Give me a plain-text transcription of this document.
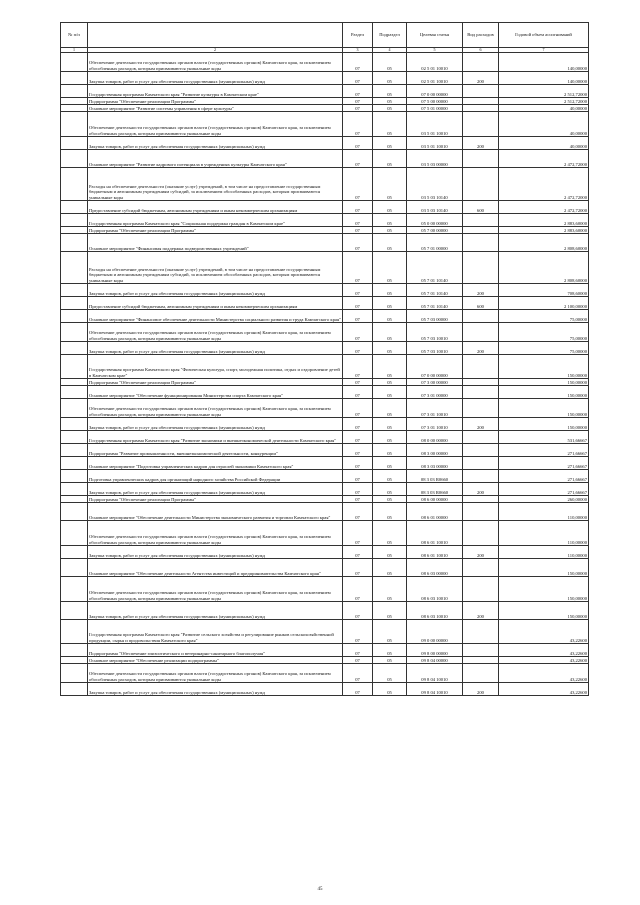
№ п/п		Раздел	Подраздел	Целевая статья	Вид расходов	Годовой объем ассигнований
1	2	3	4	5	6	7
	Обеспечение деятельности государственных органов власти (государственных органов) Камчатского края, за исключением обособленных расходов, которым присваиваются уникальные коды	07	05	02 5 01 10010		140,00000
	Закупка товаров, работ и услуг для обеспечения государственных (муниципальных) нужд	07	05	02 5 01 10010	200	140,00000
	Государственная программа Камчатского края "Развитие культуры в Камчатском крае"	07	05	07 0 00 00000		2 512,72000
	Подпрограмма "Обеспечение реализации Программы"	07	05	07 5 00 00000		2 512,72000
	Основное мероприятие "Развитие системы управления в сфере культуры"	07	05	07 5 01 00000		40,00000
	Обеспечение деятельности государственных органов власти (государственных органов) Камчатского края, за исключением обособленных расходов, которым присваиваются уникальные коды	07	05	03 5 01 10010		40,00000
	Закупка товаров, работ и услуг для обеспечения государственных (муниципальных) нужд	07	05	03 5 01 10010	200	40,00000
	Основное мероприятие "Развитие кадрового потенциала в учреждениях культуры Камчатского края"	07	05	03 5 03 00000		2 472,72000
	Расходы на обеспечение деятельности (оказание услуг) учреждений, в том числе на предоставление государственным бюджетным и автономным учреждениям субсидий, за исключением обособленных расходов, которым присваиваются уникальные коды	07	05	03 5 03 10140		2 472,72000
	Предоставление субсидий бюджетным, автономным учреждениям и иным некоммерческим организациям	07	05	03 5 03 10140	600	2 472,72000
	Государственная программа Камчатского края "Социальная поддержка граждан в Камчатском крае"	07	05	05 0 00 00000		2 883,60000
	Подпрограмма "Обеспечение реализации Программы"	07	05	05 7 00 00000		2 883,60000
	Основное мероприятие "Финансовая поддержка подведомственных учреждений"	07	05	05 7 01 00000		2 808,60000
	Расходы на обеспечение деятельности (оказание услуг) учреждений, в том числе на предоставление государственным бюджетным и автономным учреждениям субсидий, за исключением обособленных расходов, которым присваиваются уникальные коды	07	05	05 7 01 10140		2 808,60000
	Закупка товаров, работ и услуг для обеспечения государственных (муниципальных) нужд	07	05	05 7 01 10140	200	708,60000
	Предоставление субсидий бюджетным, автономным учреждениям и иным некоммерческим организациям	07	05	05 7 01 10140	600	2 100,00000
	Основное мероприятие "Финансовое обеспечение деятельности Министерства социального развития и труда Камчатского края"	07	05	05 7 03 00000		75,00000
	Обеспечение деятельности государственных органов власти (государственных органов) Камчатского края, за исключением обособленных расходов, которым присваиваются уникальные коды	07	05	05 7 03 10010		75,00000
	Закупка товаров, работ и услуг для обеспечения государственных (муниципальных) нужд	07	05	05 7 03 10010	200	75,00000
	Государственная программа Камчатского края "Физическая культура, спорт, молодежная политика, отдых и оздоровление детей в Камчатском крае"	07	05	07 0 00 00000		150,00000
	Подпрограмма "Обеспечение реализации Программы"	07	05	07 3 00 00000		150,00000
	Основное мероприятие "Обеспечение функционирования Министерства спорта Камчатского края"	07	05	07 3 01 00000		150,00000
	Обеспечение деятельности государственных органов власти (государственных органов) Камчатского края, за исключением обособленных расходов, которым присваиваются уникальные коды	07	05	07 3 01 10010		150,00000
	Закупка товаров, работ и услуг для обеспечения государственных (муниципальных) нужд	07	05	07 3 01 10010	200	150,00000
	Государственная программа Камчатского края "Развитие экономики и внешнеэкономической деятельности Камчатского края"	07	05	08 0 00 00000		531,66667
	Подпрограмма "Развитие промышленности, внешнеэкономической деятельности, конкуренции"	07	05	08 3 00 00000		271,66667
	Основное мероприятие "Подготовка управленческих кадров для отраслей экономики Камчатского края"	07	05	08 3 03 00000		271,66667
	Подготовка управленческих кадров для организаций народного хозяйства Российской Федерации	07	05	08 3 03 R0660		271,66667
	Закупка товаров, работ и услуг для обеспечения государственных (муниципальных) нужд	07	05	08 3 03 R0660	200	271,66667
	Подпрограмма "Обеспечение реализации Программы"	07	05	08 6 00 00000		260,00000
	Основное мероприятие "Обеспечение деятельности Министерства экономического развития и торговли Камчатского края"	07	05	08 6 01 00000		110,00000
	Обеспечение деятельности государственных органов власти (государственных органов) Камчатского края, за исключением обособленных расходов, которым присваиваются уникальные коды	07	05	08 6 01 10010		110,00000
	Закупка товаров, работ и услуг для обеспечения государственных (муниципальных) нужд	07	05	08 6 01 10010	200	110,00000
	Основное мероприятие "Обеспечение деятельности Агентства инвестиций и предпринимательства Камчатского края"	07	05	08 6 03 00000		150,00000
	Обеспечение деятельности государственных органов власти (государственных органов) Камчатского края, за исключением обособленных расходов, которым присваиваются уникальные коды	07	05	08 6 03 10010		150,00000
	Закупка товаров, работ и услуг для обеспечения государственных (муниципальных) нужд	07	05	08 6 03 10010	200	150,00000
	Государственная программа Камчатского края "Развитие сельского хозяйства и регулирование рынков сельскохозяйственной продукции, сырья и продовольствия Камчатского края"	07	05	09 0 00 00000		43,22600
	Подпрограмма "Обеспечение эпизоотического и ветеринарно-санитарного благополучия"	07	05	09 8 00 00000		43,22600
	Основное мероприятие "Обеспечение реализации подпрограммы"	07	05	09 8 04 00000		43,22600
	Обеспечение деятельности государственных органов власти (государственных органов) Камчатского края, за исключением обособленных расходов, которым присваиваются уникальные коды	07	05	09 8 04 10010		43,22600
	Закупка товаров, работ и услуг для обеспечения государственных (муниципальных) нужд	07	05	09 8 04 10010	200	43,22600
45
